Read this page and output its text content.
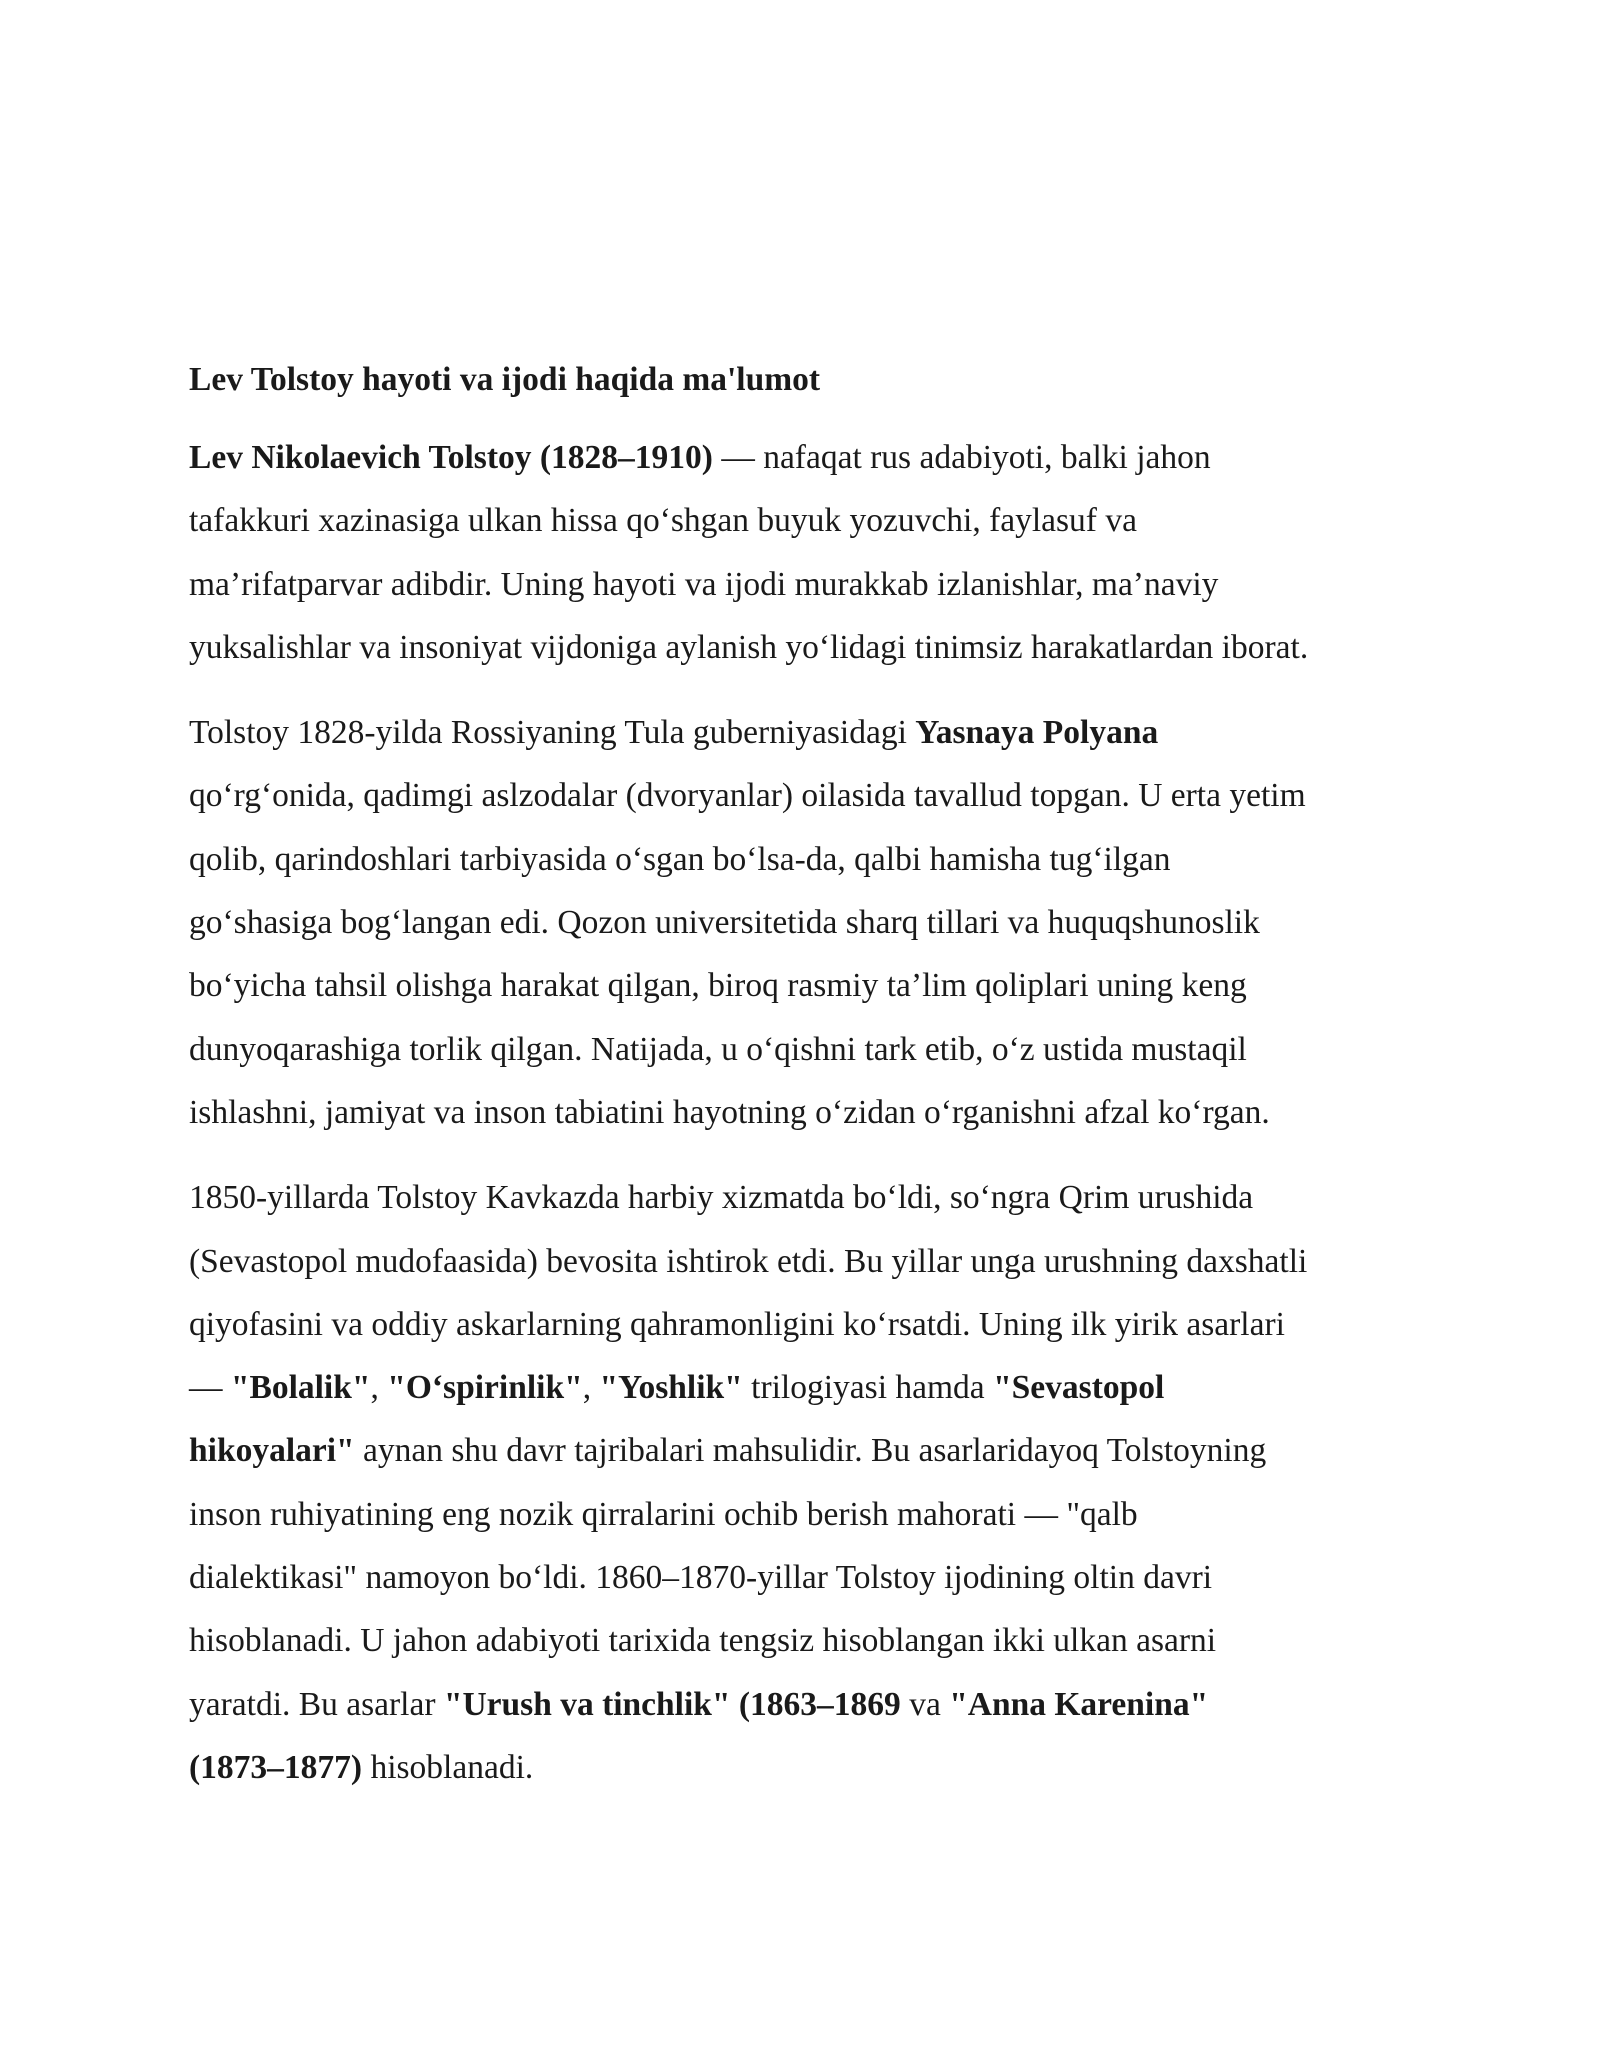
Lev Tolstoy hayoti va ijodi haqida ma'lumot

Lev Nikolaevich Tolstoy (1828–1910) — nafaqat rus adabiyoti, balki jahon
tafakkuri xazinasiga ulkan hissa qo‘shgan buyuk yozuvchi, faylasuf va
ma’rifatparvar adibdir. Uning hayoti va ijodi murakkab izlanishlar, ma’naviy
yuksalishlar va insoniyat vijdoniga aylanish yo‘lidagi tinimsiz harakatlardan iborat.

Tolstoy 1828-yilda Rossiyaning Tula guberniyasidagi Yasnaya Polyana
qo‘rg‘onida, qadimgi aslzodalar (dvoryanlar) oilasida tavallud topgan. U erta yetim
qolib, qarindoshlari tarbiyasida o‘sgan bo‘lsa-da, qalbi hamisha tug‘ilgan
go‘shasiga bog‘langan edi. Qozon universitetida sharq tillari va huquqshunoslik
bo‘yicha tahsil olishga harakat qilgan, biroq rasmiy ta’lim qoliplari uning keng
dunyoqarashiga torlik qilgan. Natijada, u o‘qishni tark etib, o‘z ustida mustaqil
ishlashni, jamiyat va inson tabiatini hayotning o‘zidan o‘rganishni afzal ko‘rgan.

1850-yillarda Tolstoy Kavkazda harbiy xizmatda bo‘ldi, so‘ngra Qrim urushida
(Sevastopol mudofaasida) bevosita ishtirok etdi. Bu yillar unga urushning daxshatli
qiyofasini va oddiy askarlarning qahramonligini ko‘rsatdi. Uning ilk yirik asarlari
— "Bolalik", "O‘spirinlik", "Yoshlik" trilogiyasi hamda "Sevastopol
hikoyalari" aynan shu davr tajribalari mahsulidir. Bu asarlaridayoq Tolstoyning
inson ruhiyatining eng nozik qirralarini ochib berish mahorati — "qalb
dialektikasi" namoyon bo‘ldi. 1860–1870-yillar Tolstoy ijodining oltin davri
hisoblanadi. U jahon adabiyoti tarixida tengsiz hisoblangan ikki ulkan asarni
yaratdi. Bu asarlar "Urush va tinchlik" (1863–1869 va "Anna Karenina"
(1873–1877) hisoblanadi.
